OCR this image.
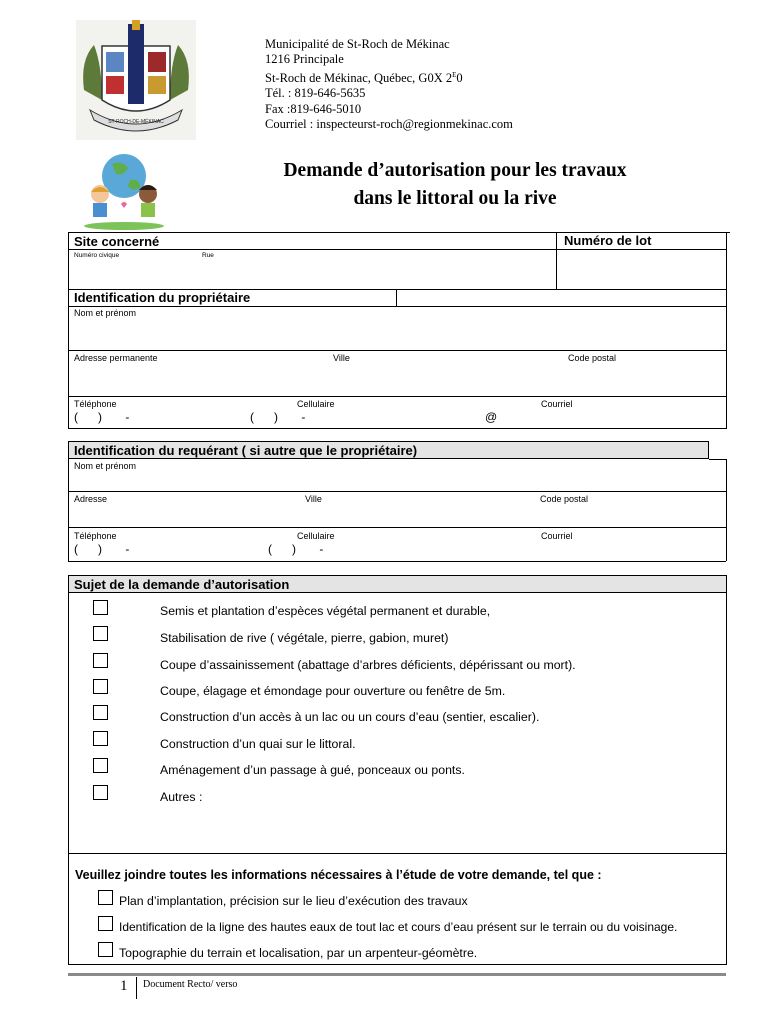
ST-ROCH-DE-MÉKINAC
Municipalité de St-Roch de Mékinac
1216 Principale
St-Roch de Mékinac, Québec, G0X $2^E0$
Tél. : 819-646-5635
Fax :819-646-5010
Courriel : inspecteurst-roch@regionmekinac.com
Demande d’autorisation pour les travaux
dans le littoral ou la rive
Site concerné	Numéro de lot
Numéro civique	Rue
Identification du propriétaire
Nom et prénom
Adresse permanente	Ville	Code postal
Téléphone	Cellulaire	Courriel
(      )       -	(      )       -	@
Identification du requérant ( si autre que le propriétaire)
Nom et prénom
Adresse	Ville	Code postal
Téléphone	Cellulaire	Courriel
(      )       -	(      )       -
Sujet de la demande d’autorisation
Semis et plantation d’espèces végétal permanent et durable,
Stabilisation de rive ( végétale, pierre, gabion, muret)
Coupe d’assainissement (abattage d’arbres déficients, dépérissant ou mort).
Coupe, élagage et émondage pour ouverture ou fenêtre de 5m.
Construction d’un accès à un lac ou un cours d’eau (sentier, escalier).
Construction d’un quai sur le littoral.
Aménagement d’un passage à gué, ponceaux ou ponts.
Autres :
Veuillez joindre toutes les informations nécessaires à l’étude de votre demande, tel que :
Plan d’implantation, précision sur le lieu d’exécution des travaux
Identification de la ligne des hautes eaux de tout lac et cours d’eau présent sur le terrain ou du voisinage.
Topographie du terrain et localisation, par un arpenteur-géomètre.
1 Document Recto/ verso
